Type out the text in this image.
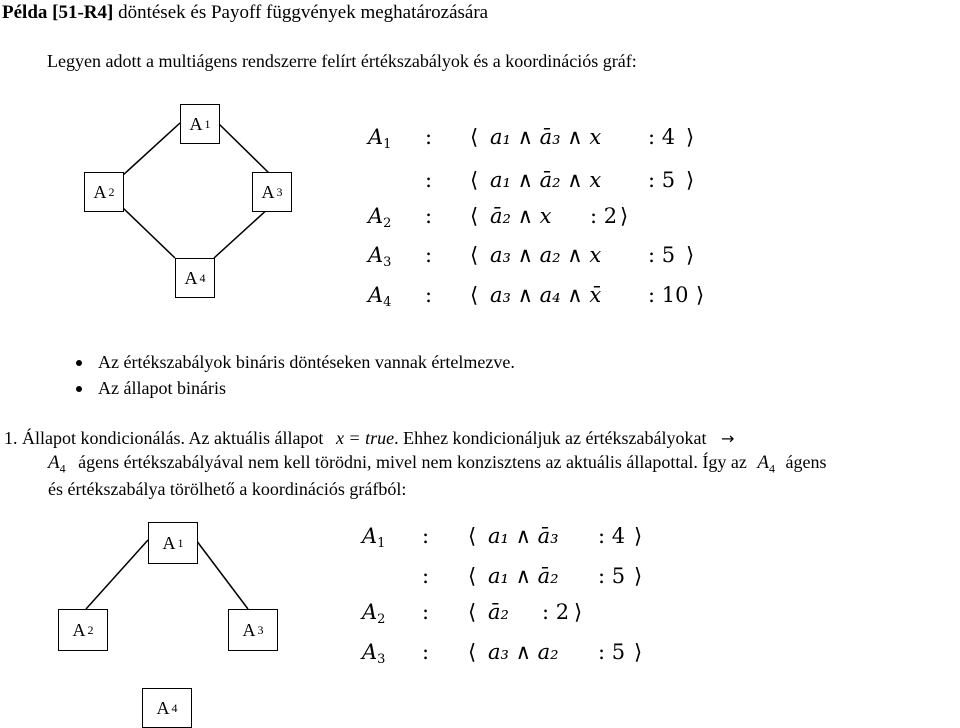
Példa [51-R4] döntések és Payoff függvények meghatározására
Legyen adott a multiágens rendszerre felírt értékszabályok és a koordinációs gráf:
A 1
A 2	A 3
A 4
$A_1$ : ⟨ a₁ ∧ ā₃ ∧ x : 4 ⟩
: ⟨ a₁ ∧ ā₂ ∧ x : 5 ⟩
$A_2$ : ⟨ ā₂ ∧ x : 2 ⟩
$A_3$ : ⟨ a₃ ∧ a₂ ∧ x : 5 ⟩
$A_4$ : ⟨ a₃ ∧ a₄ ∧ x̄ : 10 ⟩
Az értékszabályok bináris döntéseken vannak értelmezve.
Az állapot bináris
1. Állapot kondicionálás. Az aktuális állapot x = true. Ehhez kondicionáljuk az értékszabályokat →
$A_4$ ágens értékszabályával nem kell törödni, mivel nem konzisztens az aktuális állapottal. Így az $A_4$ ágens
és értékszabálya törölhető a koordinációs gráfból:
A 1
A 2	A 3
A 4
$A_1$ : ⟨ a₁ ∧ ā₃ : 4 ⟩
: ⟨ a₁ ∧ ā₂ : 5 ⟩
$A_2$ : ⟨ ā₂ : 2 ⟩
$A_3$ : ⟨ a₃ ∧ a₂ : 5 ⟩
